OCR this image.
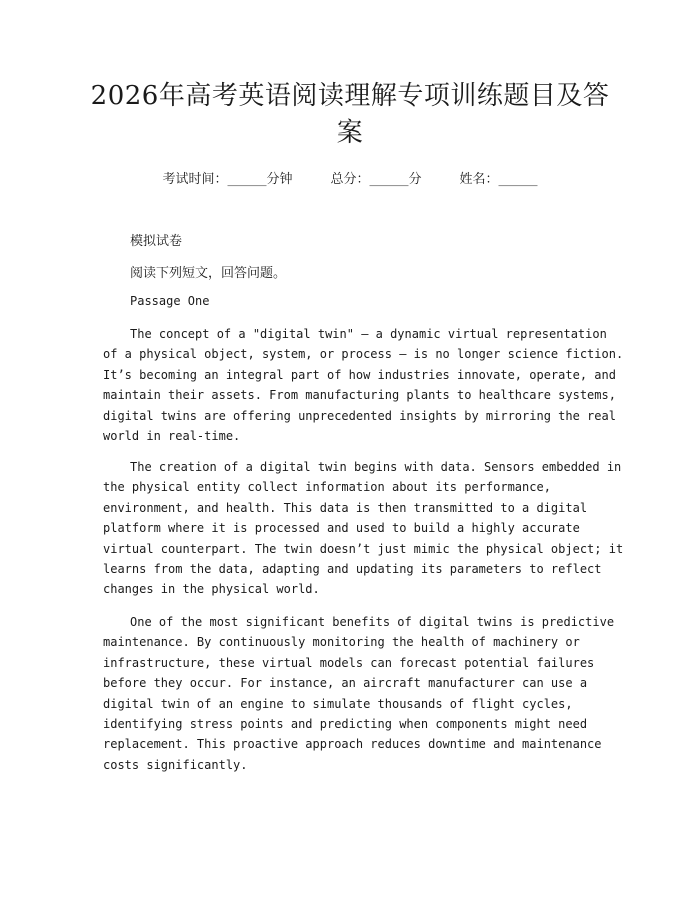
2026年高考英语阅读理解专项训练题目及答
案
考试时间：______分钟	总分：______分	姓名：______
模拟试卷
阅读下列短文，回答问题。
Passage One
The concept of a "digital twin" – a dynamic virtual representation
of a physical object, system, or process – is no longer science fiction.
It’s becoming an integral part of how industries innovate, operate, and
maintain their assets. From manufacturing plants to healthcare systems,
digital twins are offering unprecedented insights by mirroring the real
world in real-time.
The creation of a digital twin begins with data. Sensors embedded in
the physical entity collect information about its performance,
environment, and health. This data is then transmitted to a digital
platform where it is processed and used to build a highly accurate
virtual counterpart. The twin doesn’t just mimic the physical object; it
learns from the data, adapting and updating its parameters to reflect
changes in the physical world.
One of the most significant benefits of digital twins is predictive
maintenance. By continuously monitoring the health of machinery or
infrastructure, these virtual models can forecast potential failures
before they occur. For instance, an aircraft manufacturer can use a
digital twin of an engine to simulate thousands of flight cycles,
identifying stress points and predicting when components might need
replacement. This proactive approach reduces downtime and maintenance
costs significantly.
